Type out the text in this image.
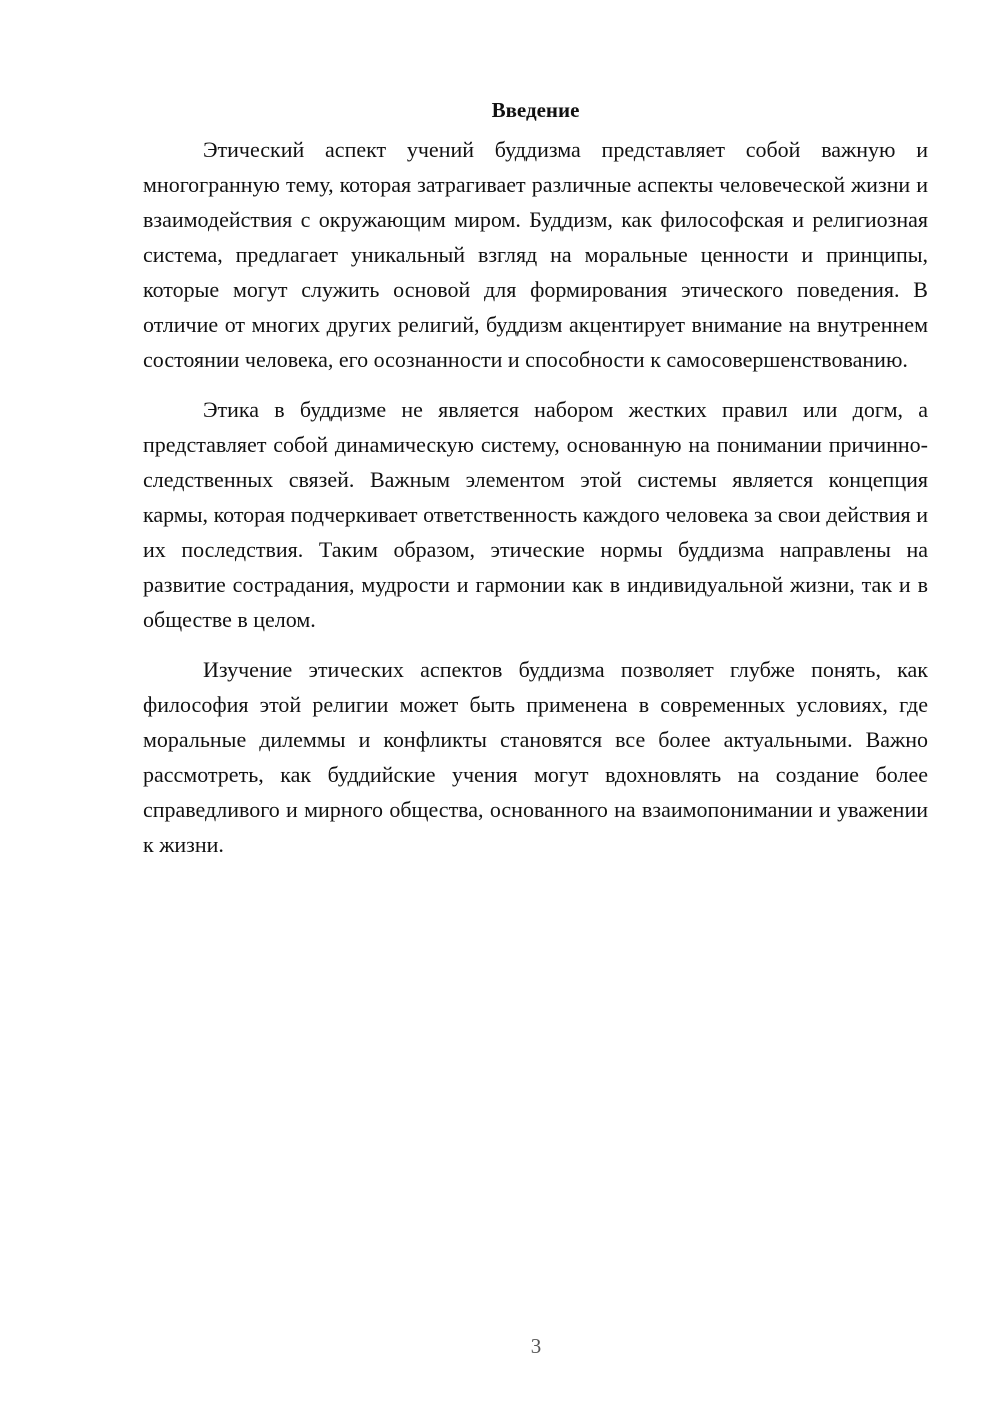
Введение

Этический аспект учений буддизма представляет собой важную и многогранную тему, которая затрагивает различные аспекты человеческой жизни и взаимодействия с окружающим миром. Буддизм, как философская и религиозная система, предлагает уникальный взгляд на моральные ценности и принципы, которые могут служить основой для формирования этического поведения. В отличие от многих других религий, буддизм акцентирует внимание на внутреннем состоянии человека, его осознанности и способности к самосовершенствованию.

Этика в буддизме не является набором жестких правил или догм, а представляет собой динамическую систему, основанную на понимании причинно-следственных связей. Важным элементом этой системы является концепция кармы, которая подчеркивает ответственность каждого человека за свои действия и их последствия. Таким образом, этические нормы буддизма направлены на развитие сострадания, мудрости и гармонии как в индивидуальной жизни, так и в обществе в целом.

Изучение этических аспектов буддизма позволяет глубже понять, как философия этой религии может быть применена в современных условиях, где моральные дилеммы и конфликты становятся все более актуальными. Важно рассмотреть, как буддийские учения могут вдохновлять на создание более справедливого и мирного общества, основанного на взаимопонимании и уважении к жизни.

3
